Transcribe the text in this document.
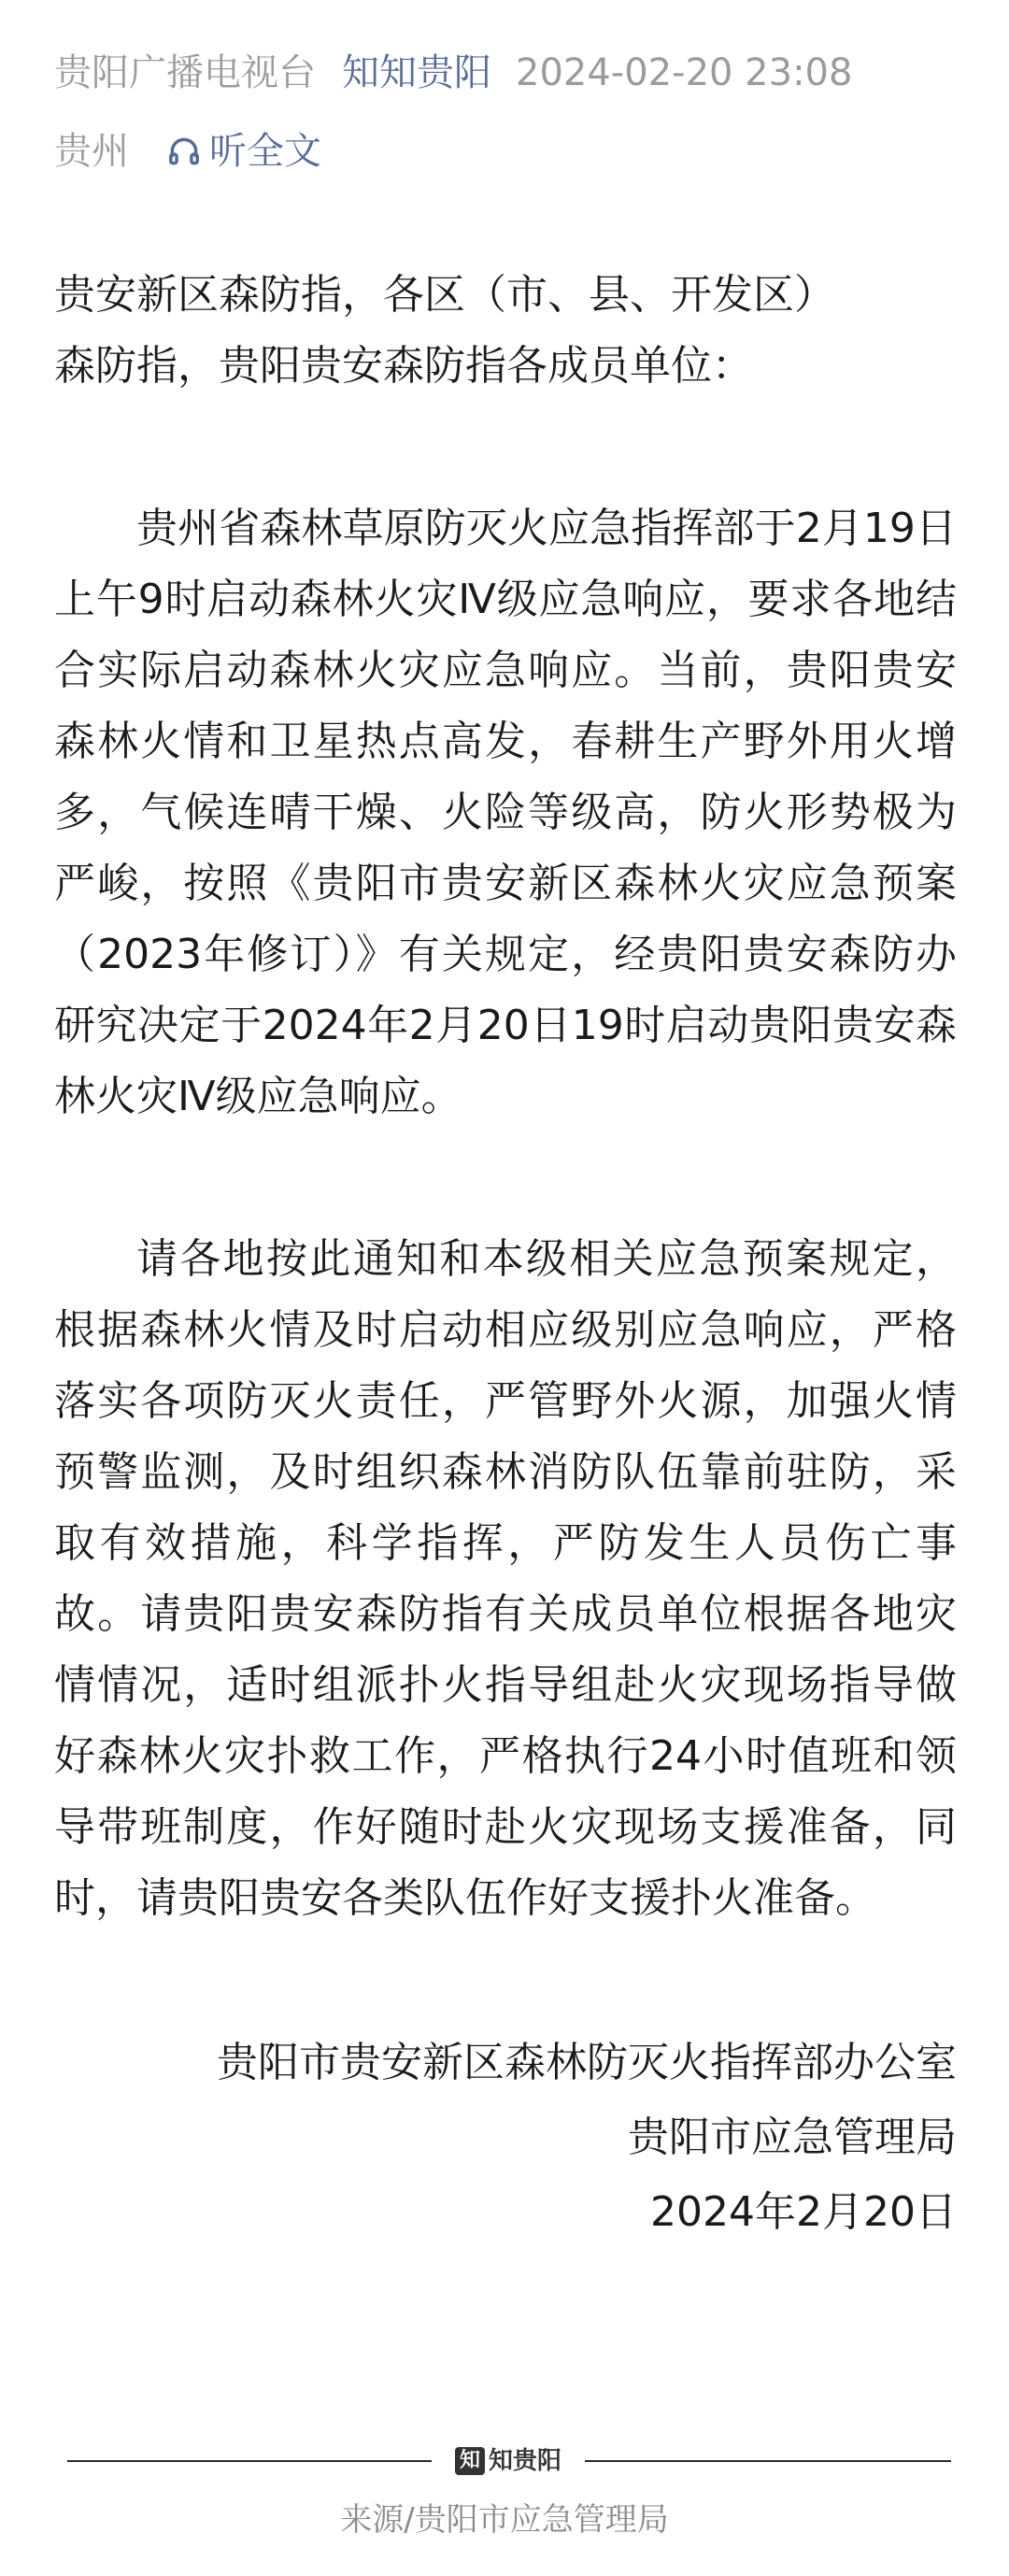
贵阳广播电视台 知知贵阳 2024-02-20 23:08
贵州 听全文

贵安新区森防指，各区（市、县、开发区）

森防指，贵阳贵安森防指各成员单位：

贵州省森林草原防灭火应急指挥部于2月19日上午9时启动森林火灾Ⅳ级应急响应，要求各地结合实际启动森林火灾应急响应。当前，贵阳贵安森林火情和卫星热点高发，春耕生产野外用火增多，气候连晴干燥、火险等级高，防火形势极为严峻，按照《贵阳市贵安新区森林火灾应急预案（2023年修订）》有关规定，经贵阳贵安森防办研究决定于2024年2月20日19时启动贵阳贵安森林火灾Ⅳ级应急响应。

请各地按此通知和本级相关应急预案规定，根据森林火情及时启动相应级别应急响应，严格落实各项防灭火责任，严管野外火源，加强火情预警监测，及时组织森林消防队伍靠前驻防，采取有效措施，科学指挥，严防发生人员伤亡事故。请贵阳贵安森防指有关成员单位根据各地灾情情况，适时组派扑火指导组赴火灾现场指导做好森林火灾扑救工作，严格执行24小时值班和领导带班制度，作好随时赴火灾现场支援准备，同时，请贵阳贵安各类队伍作好支援扑火准备。

贵阳市贵安新区森林防灭火指挥部办公室

贵阳市应急管理局

2024年2月20日

知 知贵阳
来源/贵阳市应急管理局
